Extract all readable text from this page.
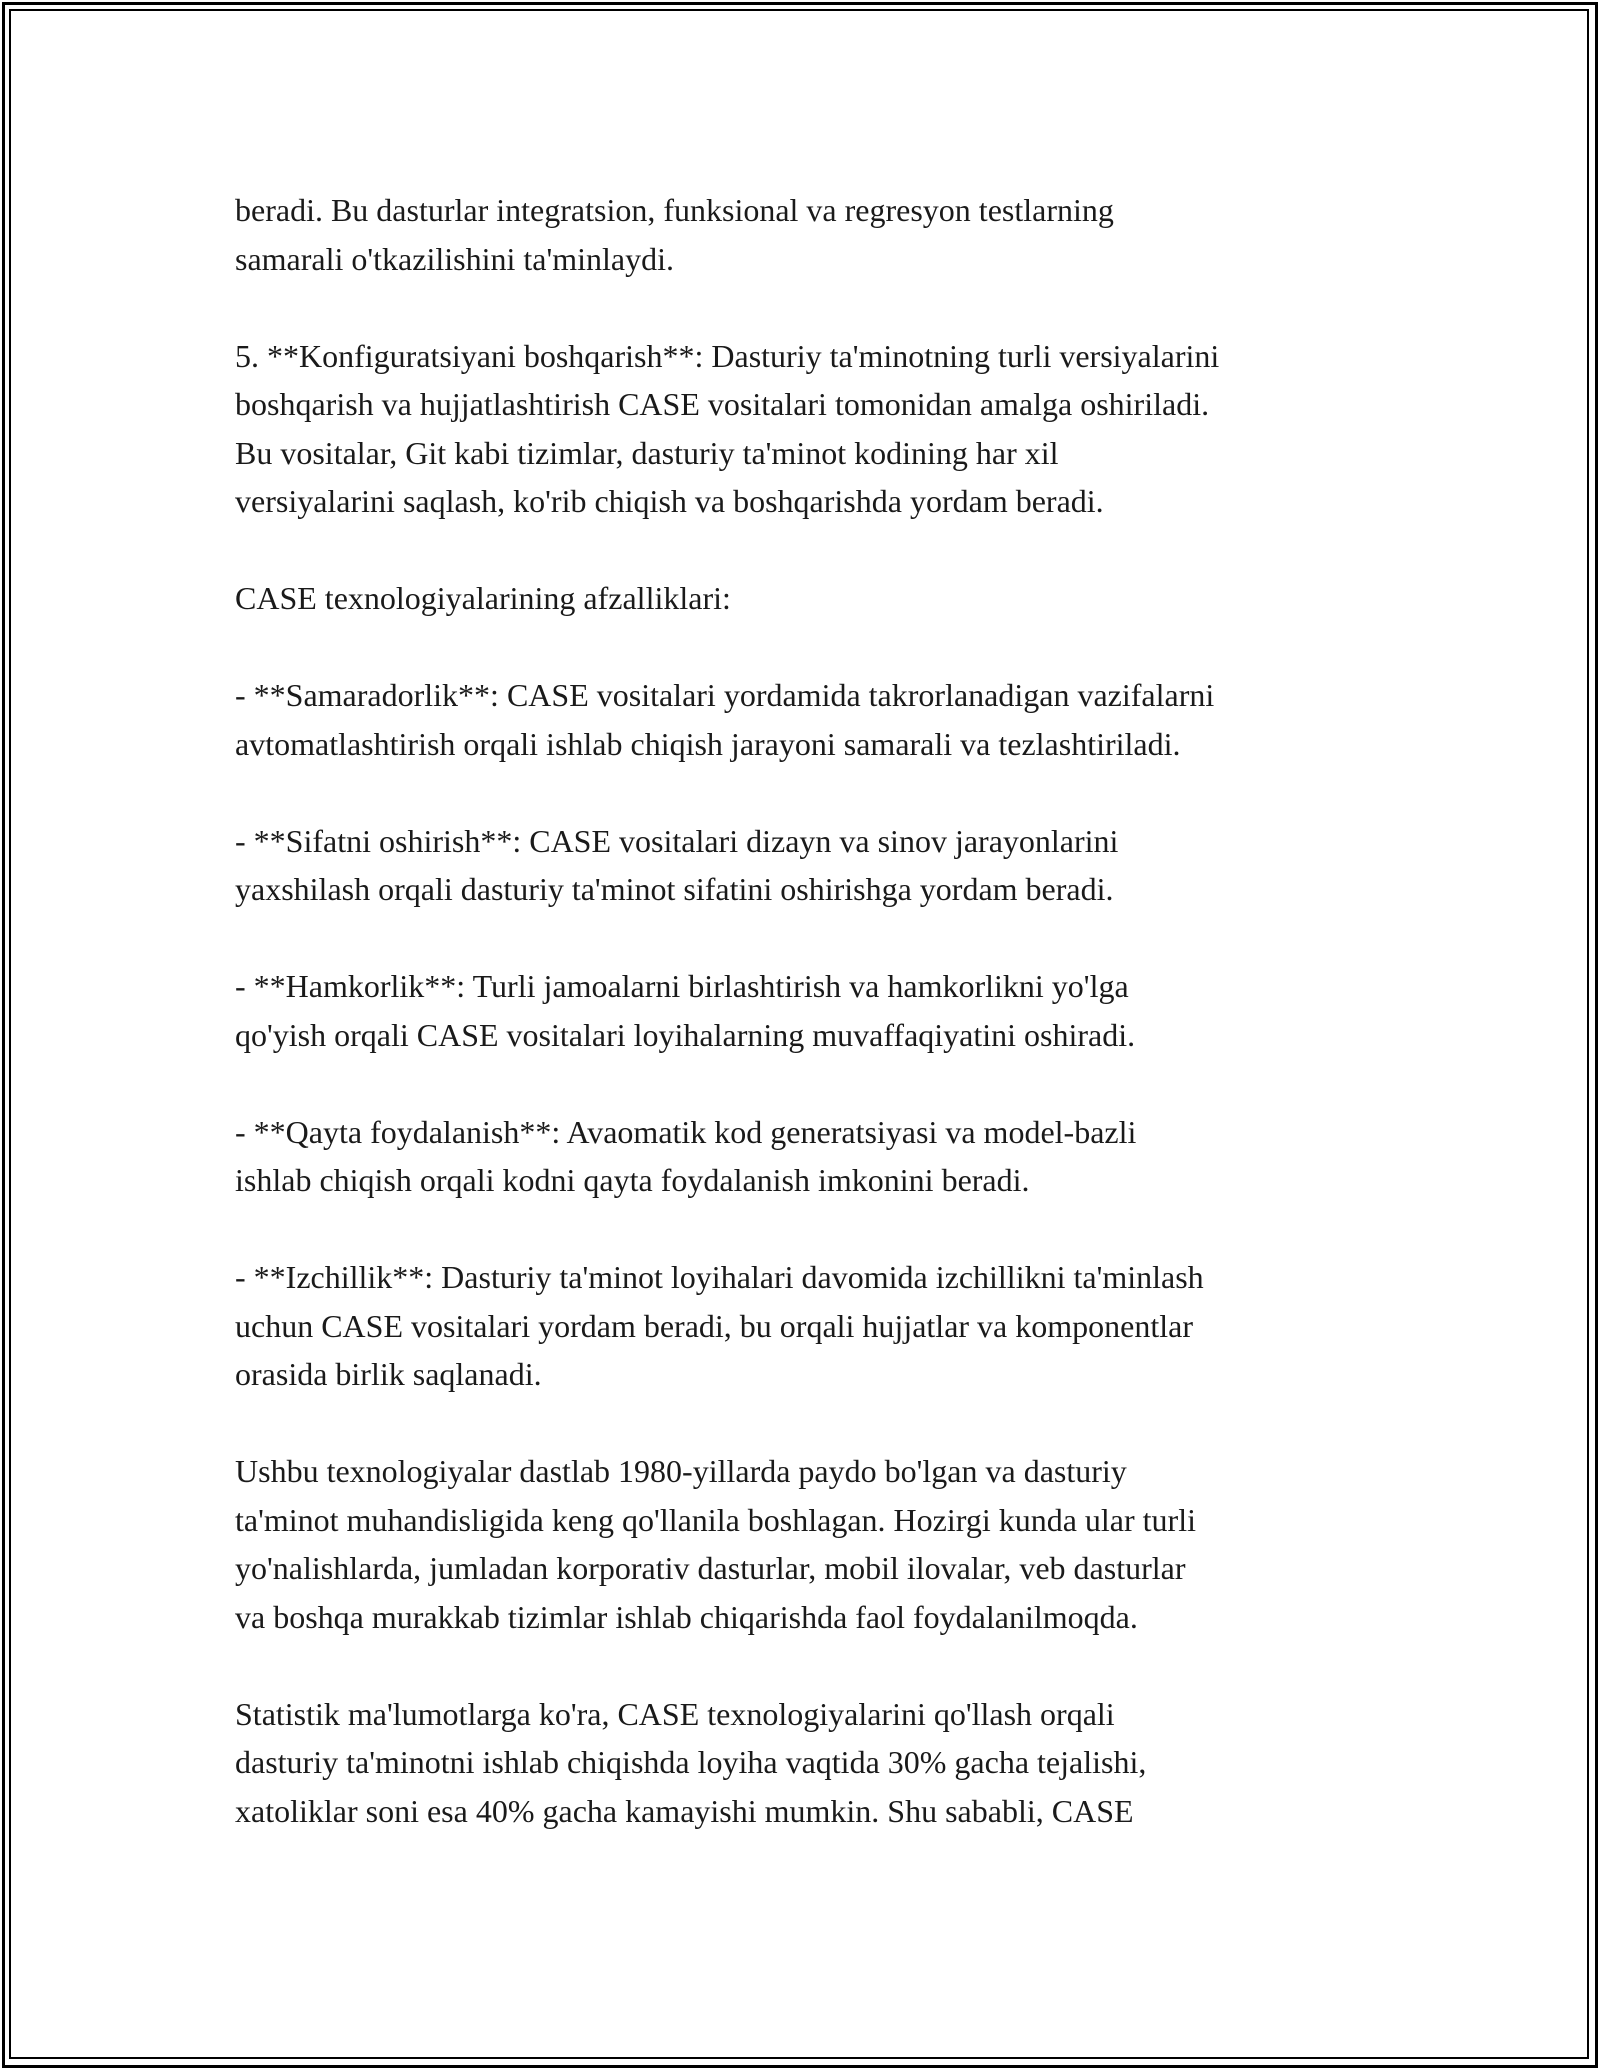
beradi. Bu dasturlar integratsion, funksional va regresyon testlarning
samarali o'tkazilishini ta'minlaydi.

5. **Konfiguratsiyani boshqarish**: Dasturiy ta'minotning turli versiyalarini
boshqarish va hujjatlashtirish CASE vositalari tomonidan amalga oshiriladi.
Bu vositalar, Git kabi tizimlar, dasturiy ta'minot kodining har xil
versiyalarini saqlash, ko'rib chiqish va boshqarishda yordam beradi.

CASE texnologiyalarining afzalliklari:

- **Samaradorlik**: CASE vositalari yordamida takrorlanadigan vazifalarni
avtomatlashtirish orqali ishlab chiqish jarayoni samarali va tezlashtiriladi.

- **Sifatni oshirish**: CASE vositalari dizayn va sinov jarayonlarini
yaxshilash orqali dasturiy ta'minot sifatini oshirishga yordam beradi.

- **Hamkorlik**: Turli jamoalarni birlashtirish va hamkorlikni yo'lga
qo'yish orqali CASE vositalari loyihalarning muvaffaqiyatini oshiradi.

- **Qayta foydalanish**: Avaomatik kod generatsiyasi va model-bazli
ishlab chiqish orqali kodni qayta foydalanish imkonini beradi.

- **Izchillik**: Dasturiy ta'minot loyihalari davomida izchillikni ta'minlash
uchun CASE vositalari yordam beradi, bu orqali hujjatlar va komponentlar
orasida birlik saqlanadi.

Ushbu texnologiyalar dastlab 1980-yillarda paydo bo'lgan va dasturiy
ta'minot muhandisligida keng qo'llanila boshlagan. Hozirgi kunda ular turli
yo'nalishlarda, jumladan korporativ dasturlar, mobil ilovalar, veb dasturlar
va boshqa murakkab tizimlar ishlab chiqarishda faol foydalanilmoqda.

Statistik ma'lumotlarga ko'ra, CASE texnologiyalarini qo'llash orqali
dasturiy ta'minotni ishlab chiqishda loyiha vaqtida 30% gacha tejalishi,
xatoliklar soni esa 40% gacha kamayishi mumkin. Shu sababli, CASE
